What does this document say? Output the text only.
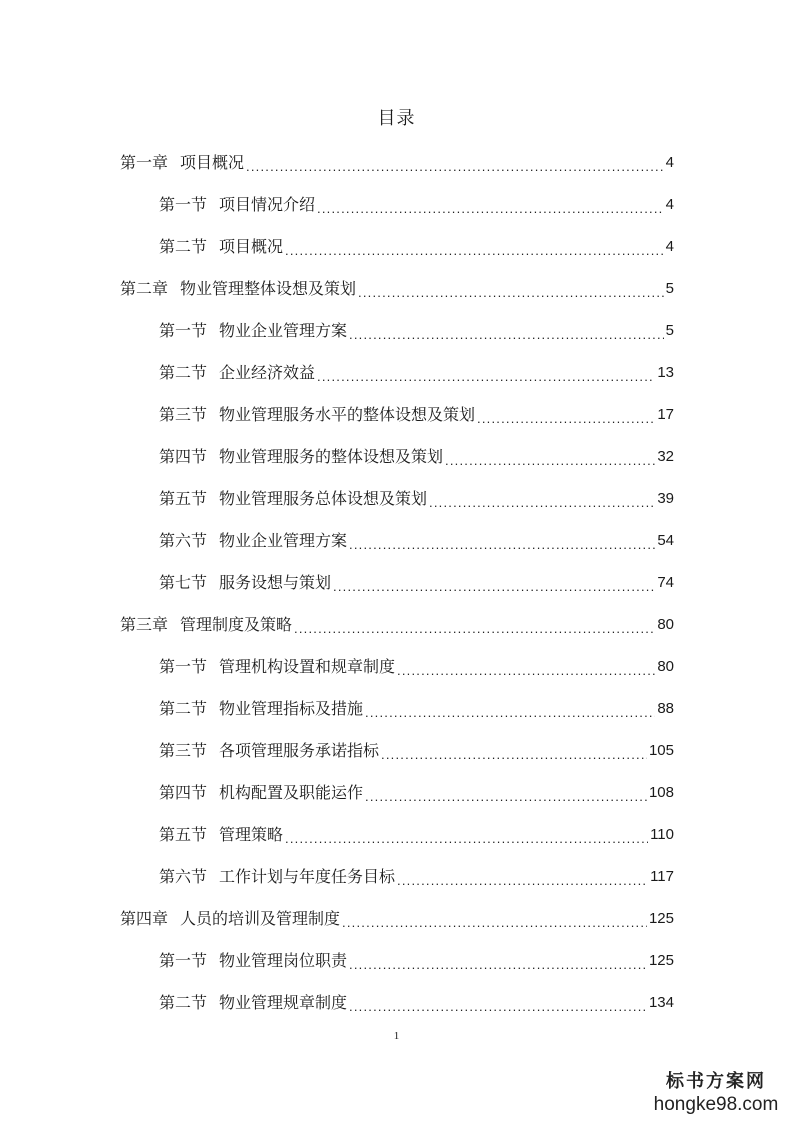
目录
第一章 项目概况 .....	4
第一节 项目情况介绍 .....	4
第二节 项目概况 .....	4
第二章 物业管理整体设想及策划 .....	5
第一节 物业企业管理方案 .....	5
第二节 企业经济效益 .....	13
第三节 物业管理服务水平的整体设想及策划 .....	17
第四节 物业管理服务的整体设想及策划 .....	32
第五节 物业管理服务总体设想及策划 .....	39
第六节 物业企业管理方案 .....	54
第七节 服务设想与策划 .....	74
第三章 管理制度及策略 .....	80
第一节 管理机构设置和规章制度 .....	80
第二节 物业管理指标及措施 .....	88
第三节 各项管理服务承诺指标 .....	105
第四节 机构配置及职能运作 .....	108
第五节 管理策略 .....	110
第六节 工作计划与年度任务目标 .....	117
第四章 人员的培训及管理制度 .....	125
第一节 物业管理岗位职责 .....	125
第二节 物业管理规章制度 .....	134
1
标书方案网
hongke98.com
